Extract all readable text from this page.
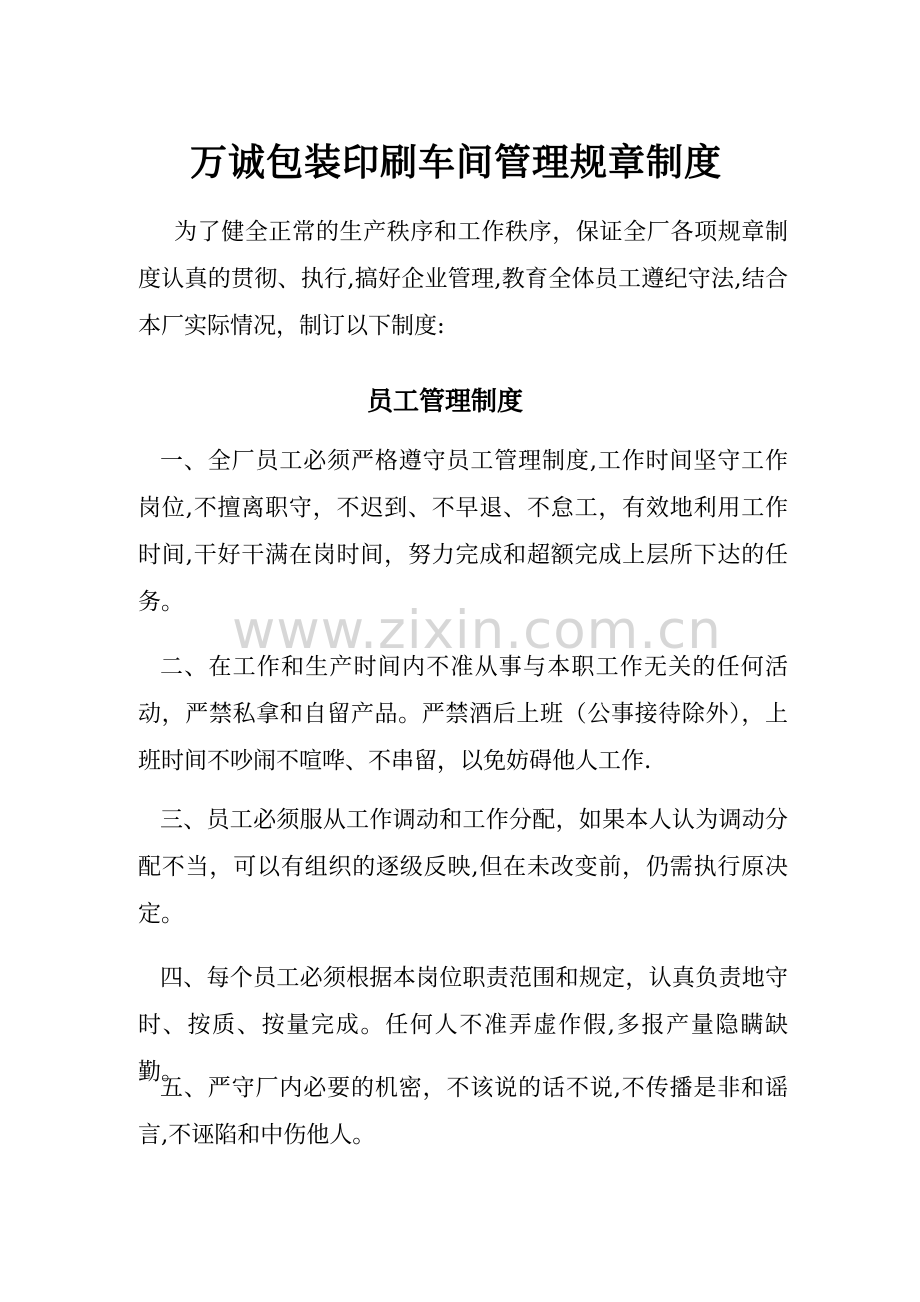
万诚包装印刷车间管理规章制度

为了健全正常的生产秩序和工作秩序，保证全厂各项规章制度认真的贯彻、执行,搞好企业管理,教育全体员工遵纪守法,结合本厂实际情况，制订以下制度:

员工管理制度

一、全厂员工必须严格遵守员工管理制度,工作时间坚守工作岗位,不擅离职守，不迟到、不早退、不怠工，有效地利用工作时间,干好干满在岗时间，努力完成和超额完成上层所下达的任务。

二、在工作和生产时间内不准从事与本职工作无关的任何活动，严禁私拿和自留产品。严禁酒后上班（公事接待除外），上班时间不吵闹不喧哗、不串留，以免妨碍他人工作.

三、员工必须服从工作调动和工作分配，如果本人认为调动分配不当，可以有组织的逐级反映,但在未改变前，仍需执行原决定。

四、每个员工必须根据本岗位职责范围和规定，认真负责地守时、按质、按量完成。任何人不准弄虚作假,多报产量隐瞒缺勤。

五、严守厂内必要的机密，不该说的话不说,不传播是非和谣言,不诬陷和中伤他人。

www.zixin.com.cn
